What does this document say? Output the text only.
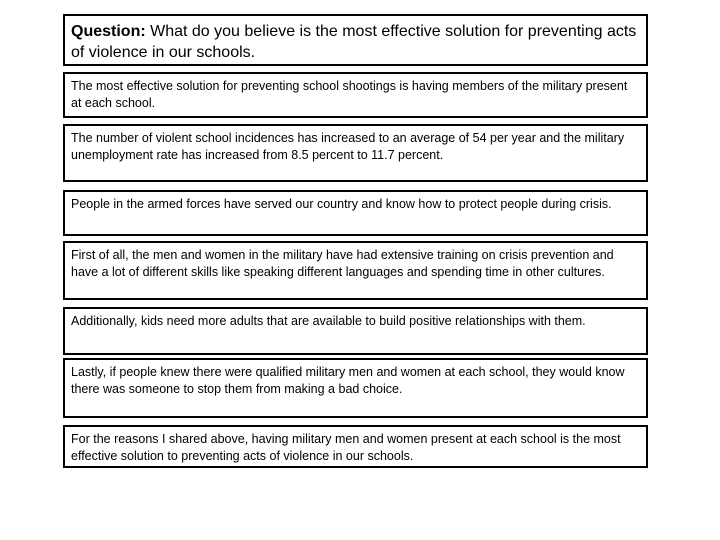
Question: What do you believe is the most effective solution for preventing acts of violence in our schools.
The most effective solution for preventing school shootings is having members of the military present at each school.
The number of violent school incidences has increased to an average of 54 per year and the military unemployment rate has increased from 8.5 percent to 11.7 percent.
People in the armed forces have served our country and know how to protect people during crisis.
First of all, the men and women in the military have had extensive training on crisis prevention and have a lot of different skills like speaking different languages and spending time in other cultures.
Additionally, kids need more adults that are available to build positive relationships with them.
Lastly, if people knew there were qualified military men and women at each school, they would know there was someone to stop them from making a bad choice.
For the reasons I shared above, having military men and women present at each school is the most effective solution to preventing acts of violence in our schools.
